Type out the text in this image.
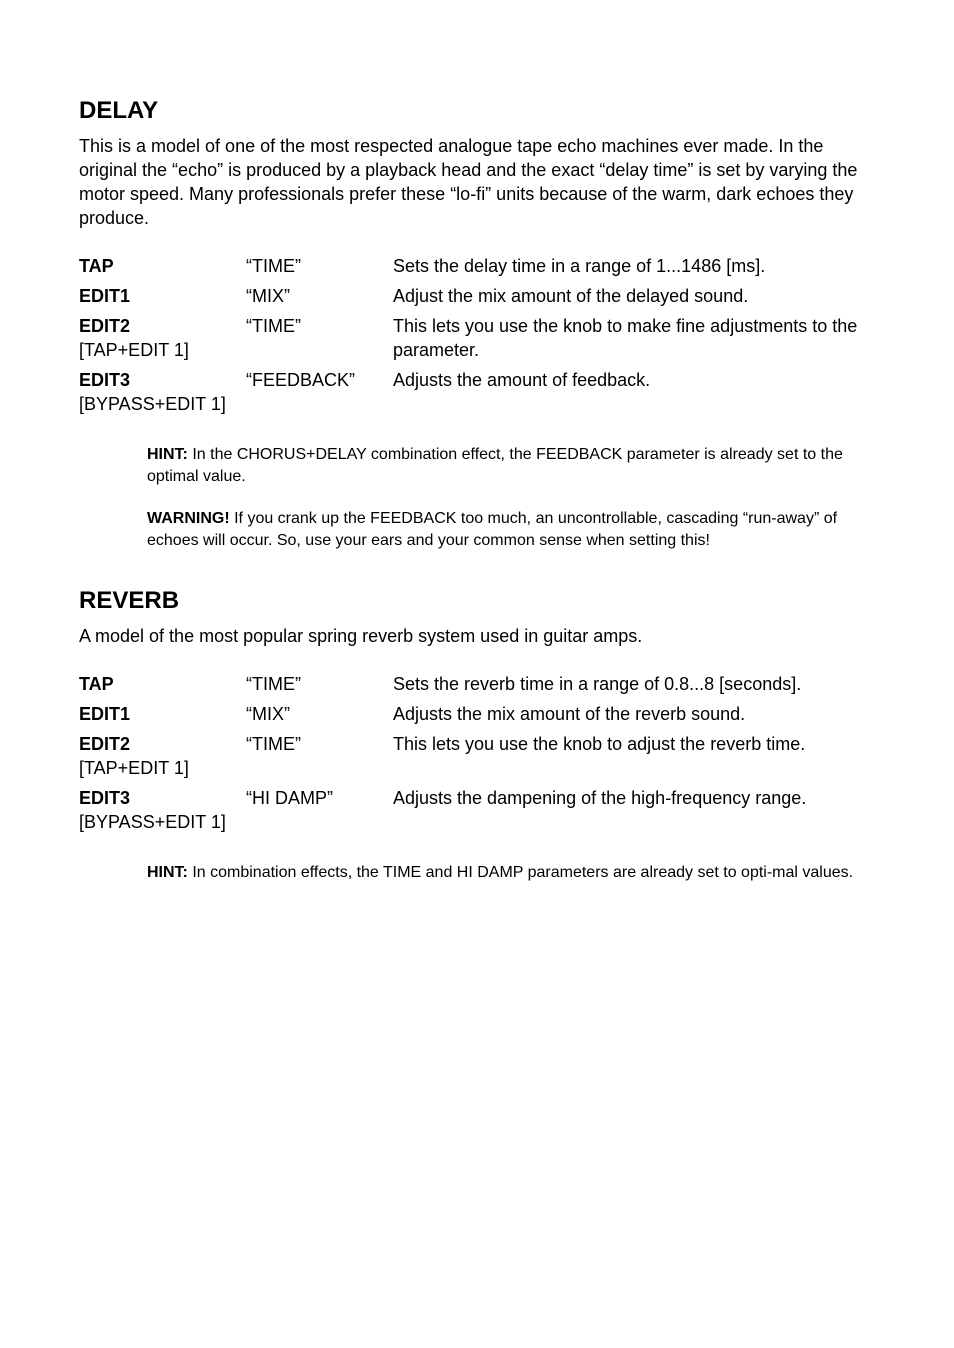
DELAY

This is a model of one of the most respected analogue tape echo machines ever made. In the original the “echo” is produced by a playback head and the exact “delay time” is set by varying the motor speed. Many professionals prefer these “lo-fi” units because of the warm, dark echoes they produce.

TAP	“TIME”	Sets the delay time in a range of 1...1486 [ms].

EDIT1	“MIX”	Adjust the mix amount of the delayed sound.

EDIT2
[TAP+EDIT 1]	“TIME”	This lets you use the knob to make fine adjustments to the parameter.

EDIT3
[BYPASS+EDIT 1]	“FEEDBACK”	Adjusts the amount of feedback.

HINT: In the CHORUS+DELAY combination effect, the FEEDBACK parameter is already set to the optimal value.

WARNING! If you crank up the FEEDBACK too much, an uncontrollable, cascading “run-away” of echoes will occur. So, use your ears and your common sense when setting this!

REVERB

A model of the most popular spring reverb system used in guitar amps.

TAP	“TIME”	Sets the reverb time in a range of 0.8...8 [seconds].

EDIT1	“MIX”	Adjusts the mix amount of the reverb sound.

EDIT2
[TAP+EDIT 1]	“TIME”	This lets you use the knob to adjust the reverb time.

EDIT3
[BYPASS+EDIT 1]	“HI DAMP”	Adjusts the dampening of the high-frequency range.

HINT: In combination effects, the TIME and HI DAMP parameters are already set to opti-mal values.
